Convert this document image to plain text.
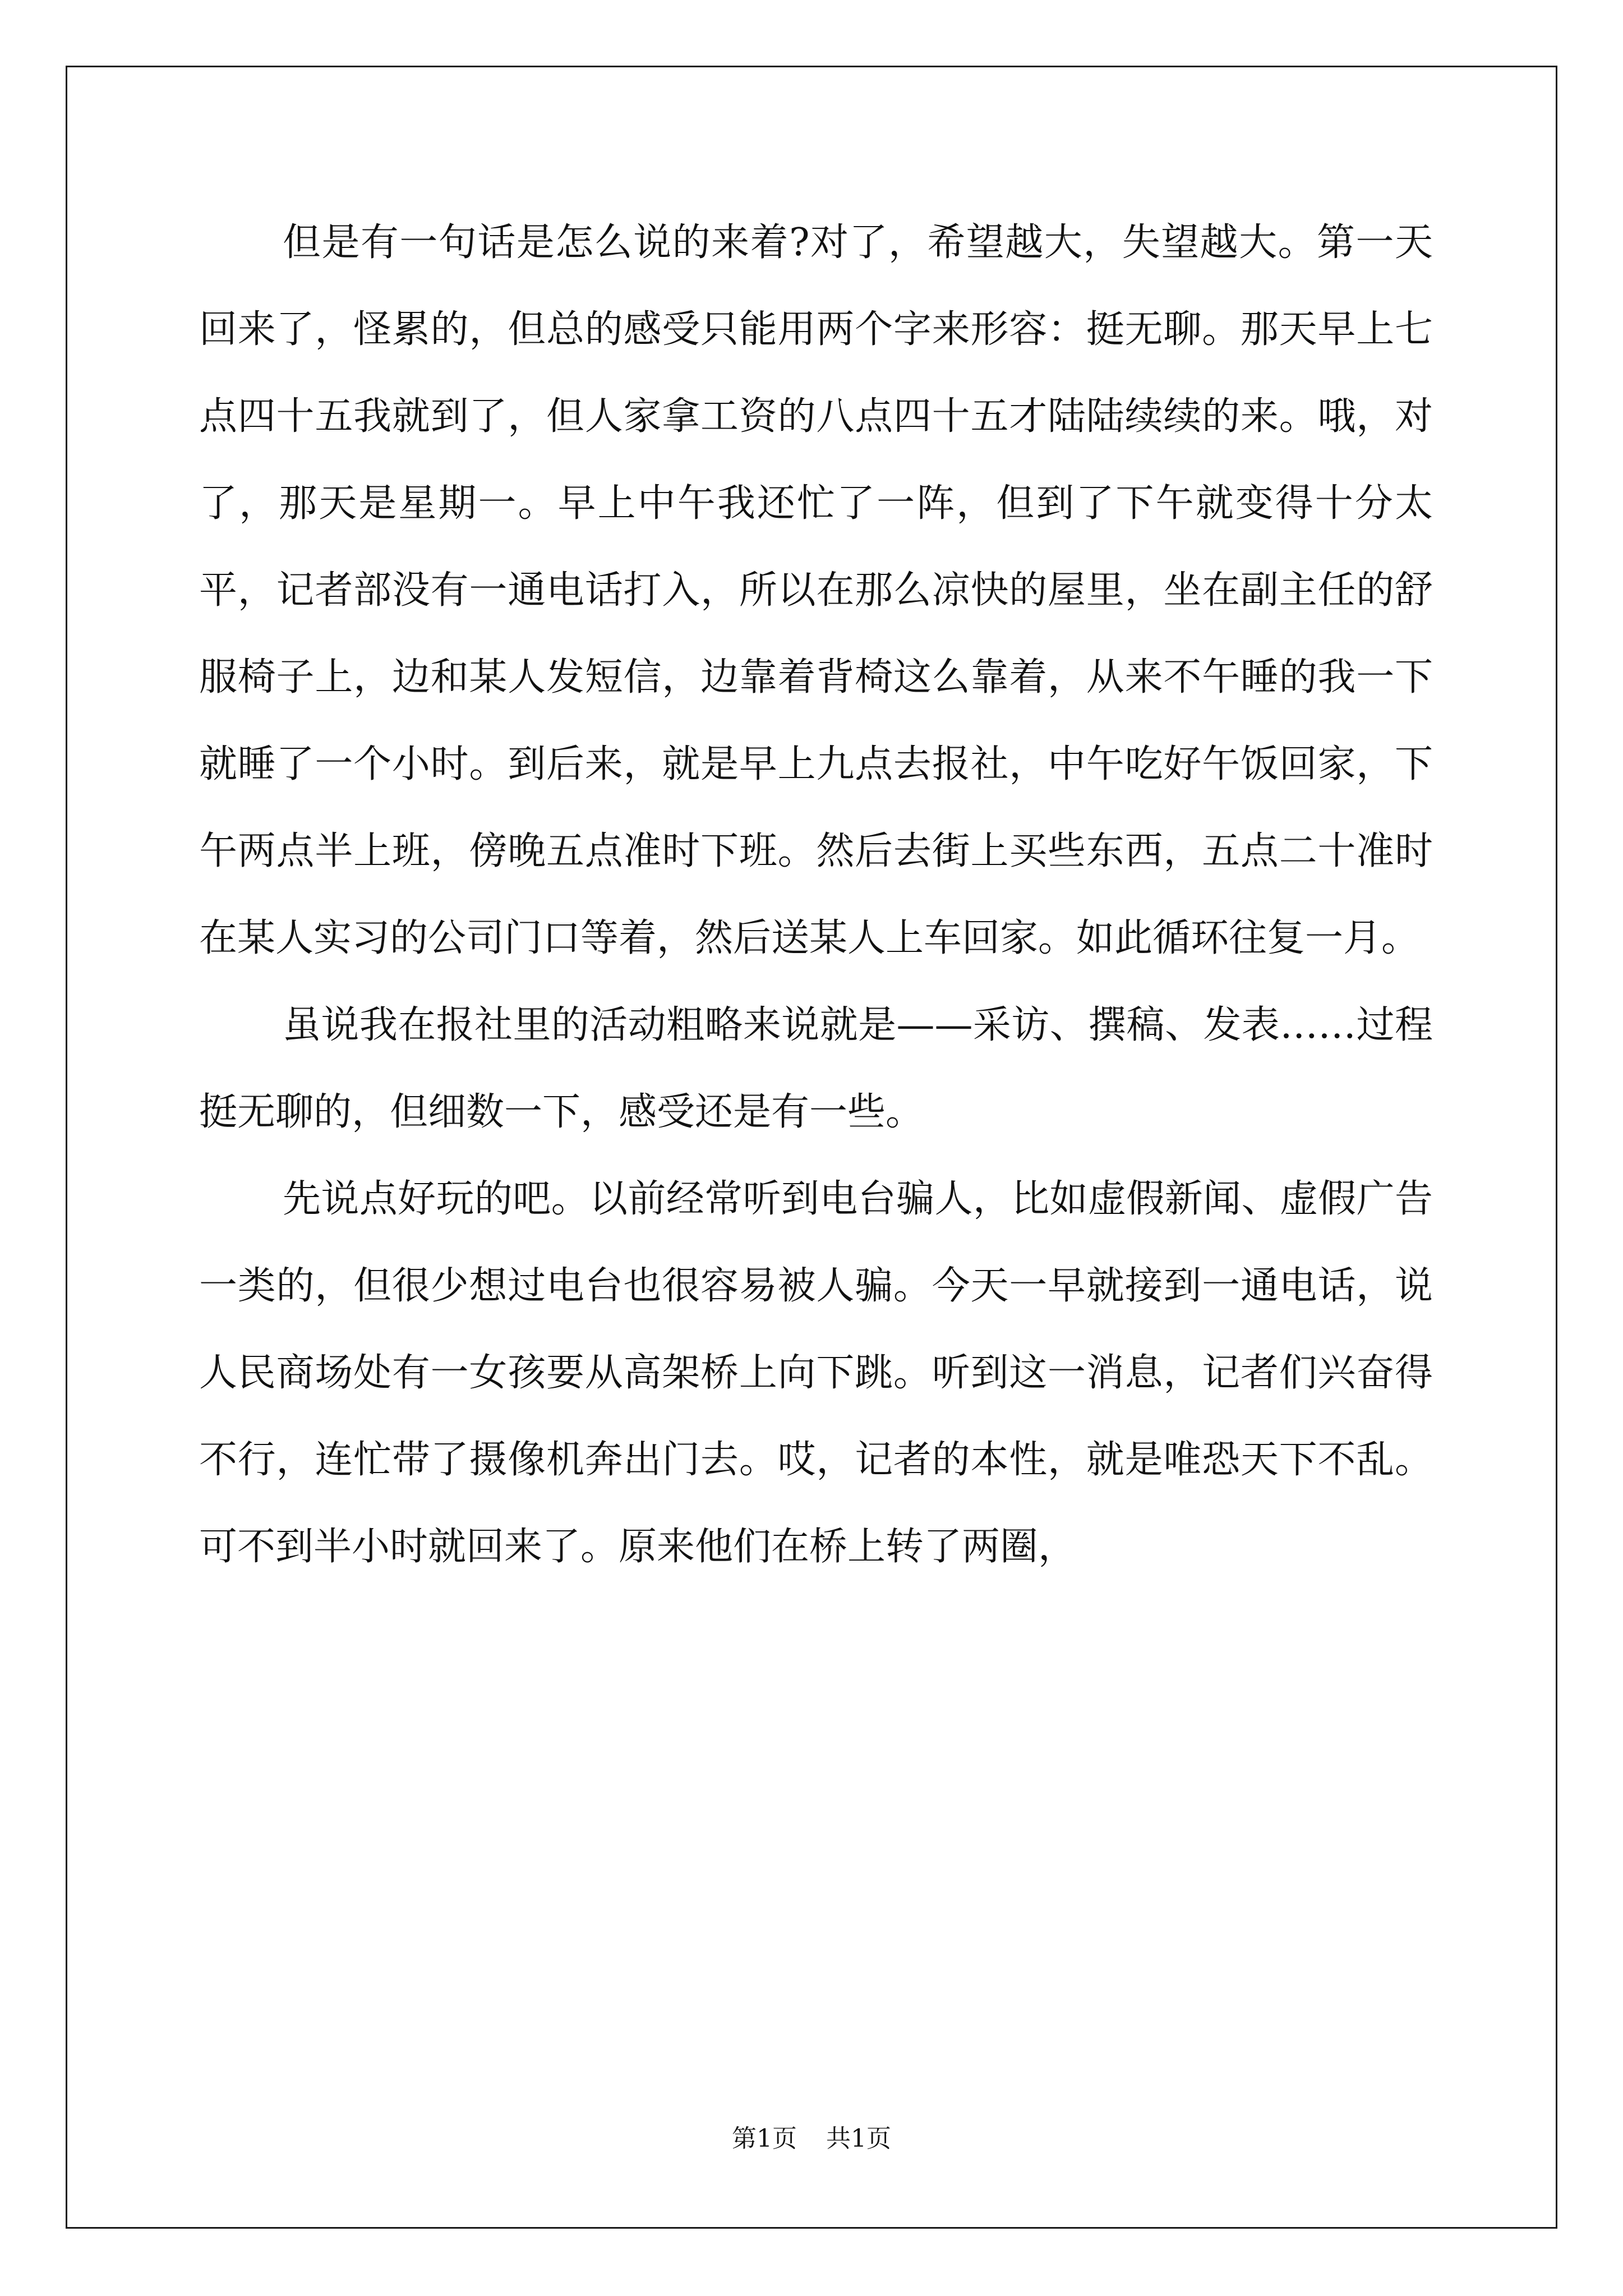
但是有一句话是怎么说的来着?对了，希望越大，失望越大。第一天回来了，怪累的，但总的感受只能用两个字来形容：挺无聊。那天早上七点四十五我就到了，但人家拿工资的八点四十五才陆陆续续的来。哦，对了，那天是星期一。早上中午我还忙了一阵，但到了下午就变得十分太平，记者部没有一通电话打入，所以在那么凉快的屋里，坐在副主任的舒服椅子上，边和某人发短信，边靠着背椅这么靠着，从来不午睡的我一下就睡了一个小时。到后来，就是早上九点去报社，中午吃好午饭回家，下午两点半上班，傍晚五点准时下班。然后去街上买些东西，五点二十准时在某人实习的公司门口等着，然后送某人上车回家。如此循环往复一月。

虽说我在报社里的活动粗略来说就是——采访、撰稿、发表……过程挺无聊的，但细数一下，感受还是有一些。

先说点好玩的吧。以前经常听到电台骗人，比如虚假新闻、虚假广告一类的，但很少想过电台也很容易被人骗。今天一早就接到一通电话，说人民商场处有一女孩要从高架桥上向下跳。听到这一消息，记者们兴奋得不行，连忙带了摄像机奔出门去。哎，记者的本性，就是唯恐天下不乱。可不到半小时就回来了。原来他们在桥上转了两圈，

第1页 共1页
